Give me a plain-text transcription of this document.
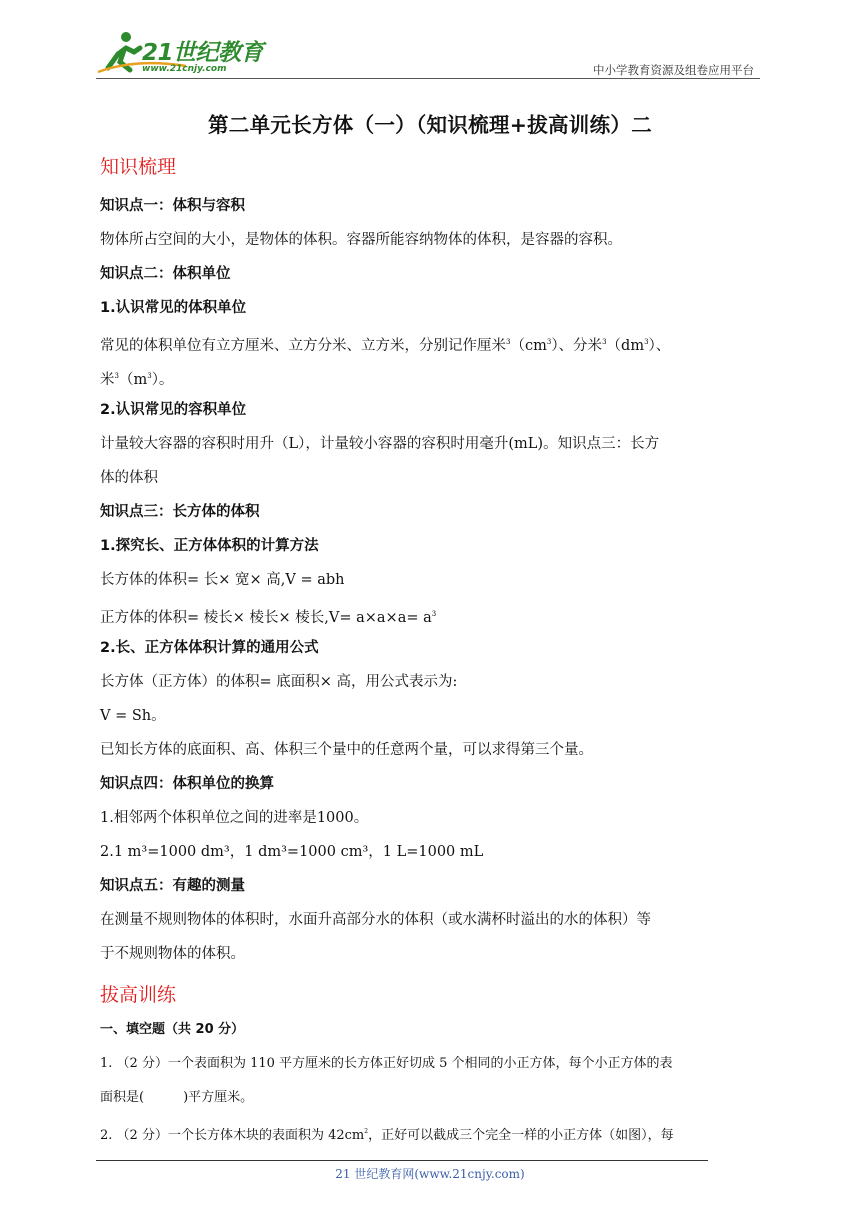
21世纪教育
www.21cnjy.com	中小学教育资源及组卷应用平台
第二单元长方体（一）（知识梳理+拔高训练）二
知识梳理
知识点一：体积与容积
物体所占空间的大小，是物体的体积。容器所能容纳物体的体积，是容器的容积。
知识点二：体积单位
1.认识常见的体积单位
常见的体积单位有立方厘米、立方分米、立方米，分别记作厘米$^3(cm^3)$、分米$^3(dm^3)$、
米$^3(m^3)$。
2.认识常见的容积单位
计量较大容器的容积时用升（L），计量较小容器的容积时用毫升(mL)。知识点三：长方
体的体积
知识点三：长方体的体积
1.探究长、正方体体积的计算方法
长方体的体积= 长× 宽× 高,V = abh
正方体的体积= 棱长× 棱长× 棱长$,V= a\times a\times a= a^3$
2.长、正方体体积计算的通用公式
长方体（正方体）的体积= 底面积× 高，用公式表示为:
V = Sh。
已知长方体的底面积、高、体积三个量中的任意两个量，可以求得第三个量。
知识点四：体积单位的换算
1.相邻两个体积单位之间的进率是1000。
2.1 m³=1000 dm³，1 dm³=1000 cm³，1 L=1000 mL
知识点五：有趣的测量
在测量不规则物体的体积时，水面升高部分水的体积（或水满杯时溢出的水的体积）等
于不规则物体的体积。
拔高训练
一、填空题（共 20 分）
1. （2 分）一个表面积为 110 平方厘米的长方体正好切成 5 个相同的小正方体，每个小正方体的表
面积是(　　　)平方厘米。
2. （2 分）一个长方体木块的表面积为 $42cm^2$，正好可以截成三个完全一样的小正方体（如图），每
21 世纪教育网(www.21cnjy.com)
